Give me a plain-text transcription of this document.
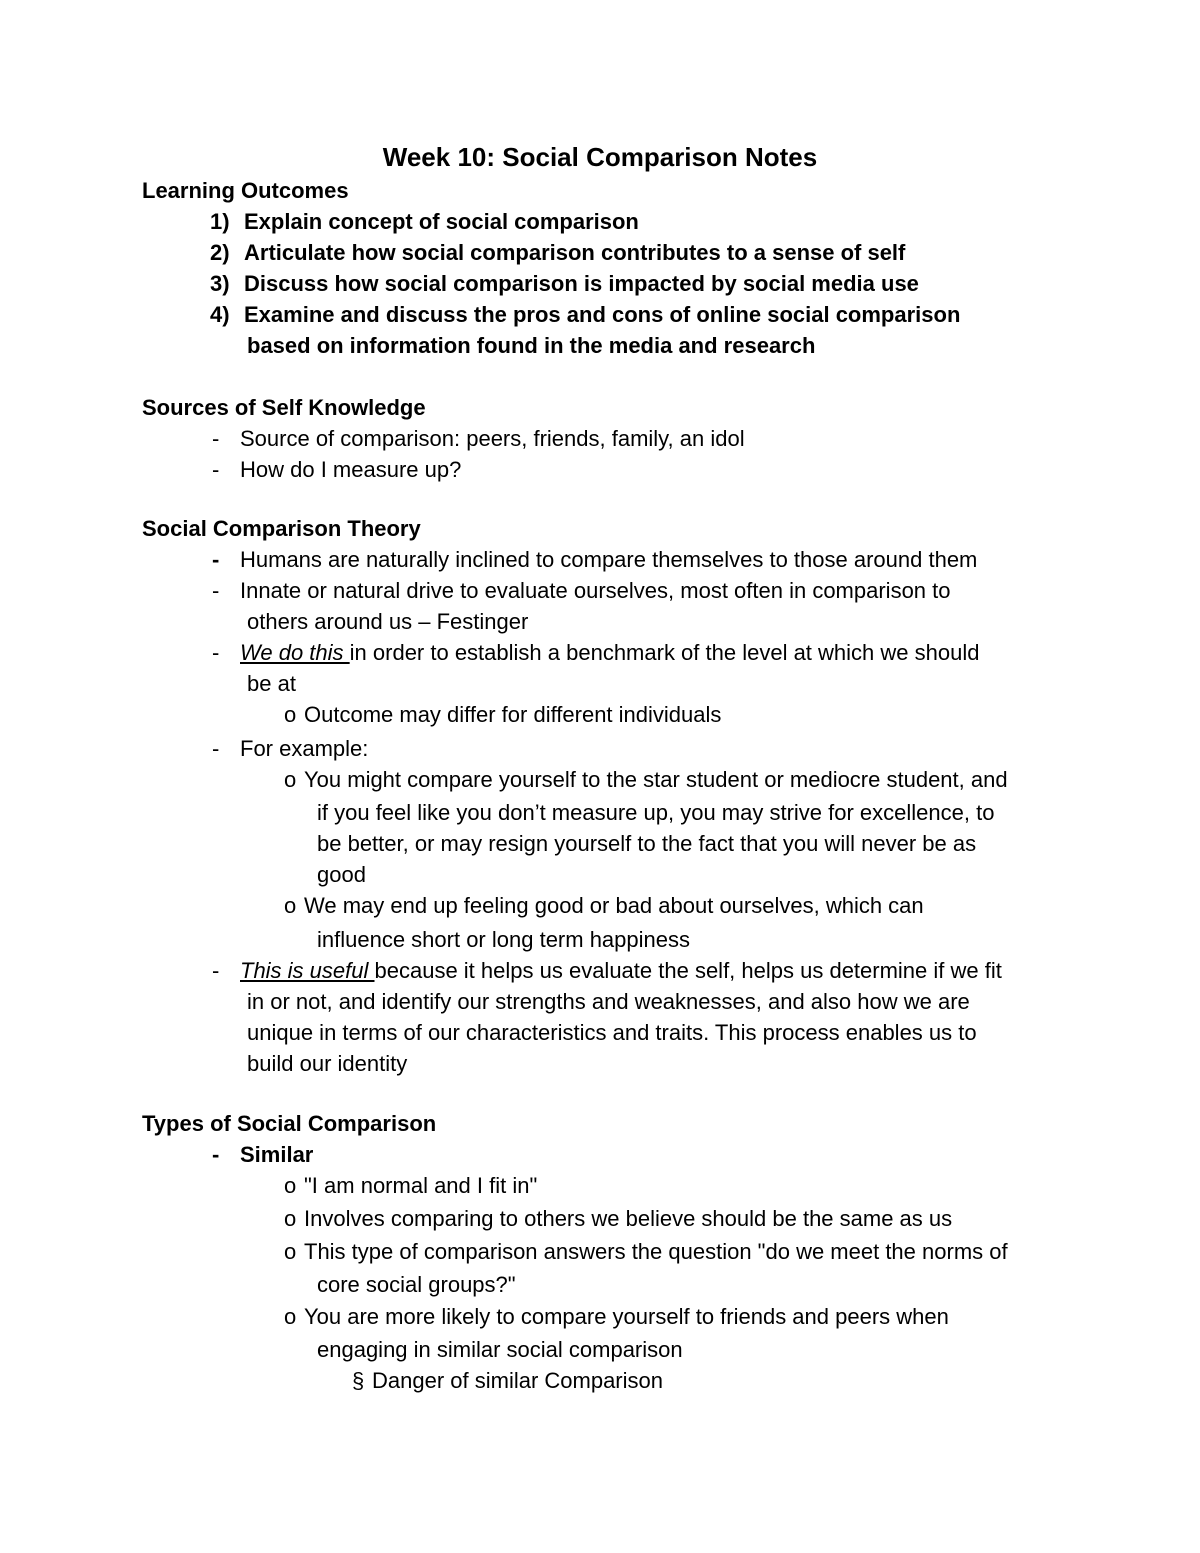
Week 10: Social Comparison Notes
Learning Outcomes
1) Explain concept of social comparison
2) Articulate how social comparison contributes to a sense of self
3) Discuss how social comparison is impacted by social media use
4) Examine and discuss the pros and cons of online social comparison
based on information found in the media and research
Sources of Self Knowledge
- Source of comparison: peers, friends, family, an idol
- How do I measure up?
Social Comparison Theory
- Humans are naturally inclined to compare themselves to those around them
- Innate or natural drive to evaluate ourselves, most often in comparison to
others around us – Festinger
- We do this in order to establish a benchmark of the level at which we should
be at
o Outcome may differ for different individuals
- For example:
o You might compare yourself to the star student or mediocre student, and
if you feel like you don’t measure up, you may strive for excellence, to
be better, or may resign yourself to the fact that you will never be as
good
o We may end up feeling good or bad about ourselves, which can
influence short or long term happiness
- This is useful because it helps us evaluate the self, helps us determine if we fit
in or not, and identify our strengths and weaknesses, and also how we are
unique in terms of our characteristics and traits. This process enables us to
build our identity
Types of Social Comparison
- Similar
o "I am normal and I fit in"
o Involves comparing to others we believe should be the same as us
o This type of comparison answers the question "do we meet the norms of
core social groups?"
o You are more likely to compare yourself to friends and peers when
engaging in similar social comparison
§ Danger of similar Comparison
